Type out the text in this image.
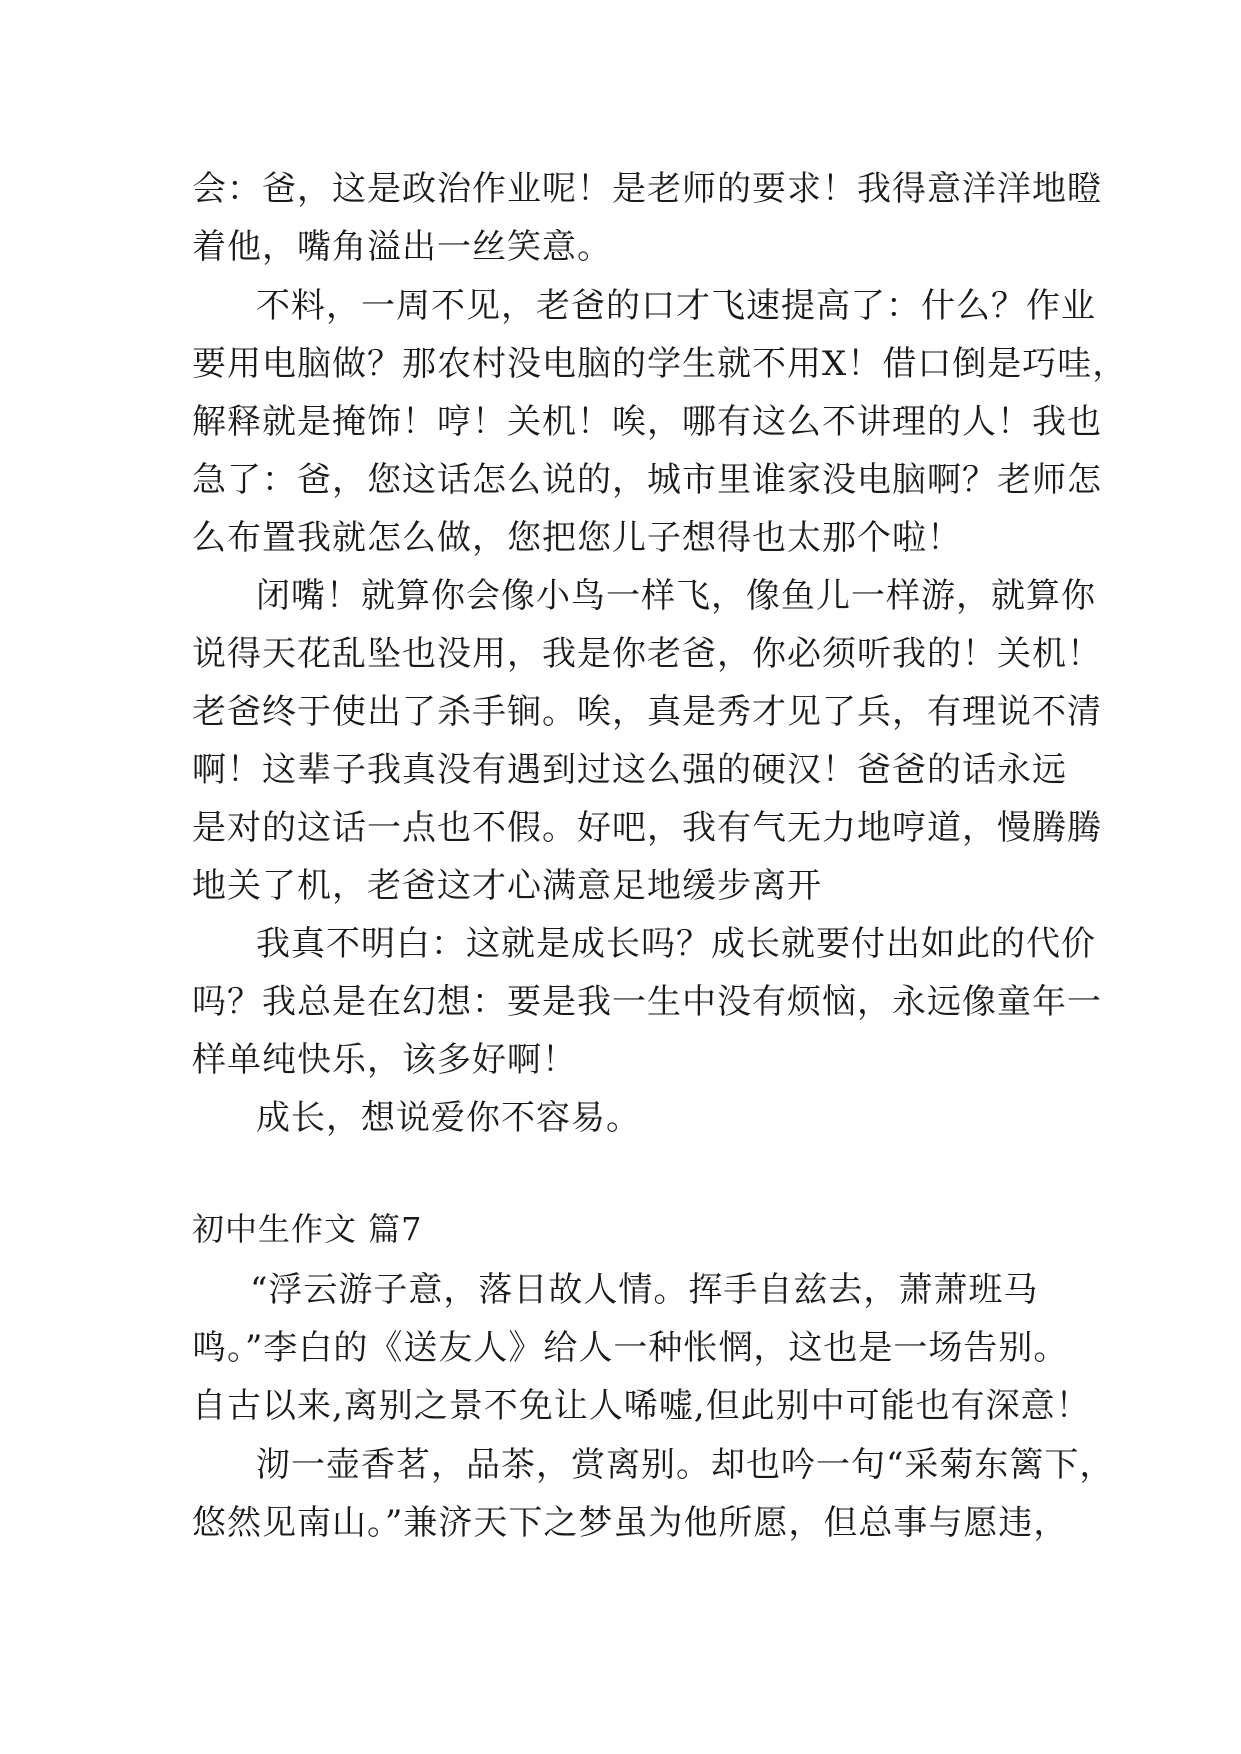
会：爸，这是政治作业呢！是老师的要求！我得意洋洋地瞪
着他，嘴角溢出一丝笑意。
不料，一周不见，老爸的口才飞速提高了：什么？作业
要用电脑做？那农村没电脑的学生就不用X！借口倒是巧哇，
解释就是掩饰！哼！关机！唉，哪有这么不讲理的人！我也
急了：爸，您这话怎么说的，城市里谁家没电脑啊？老师怎
么布置我就怎么做，您把您儿子想得也太那个啦！
闭嘴！就算你会像小鸟一样飞，像鱼儿一样游，就算你
说得天花乱坠也没用，我是你老爸，你必须听我的！关机！
老爸终于使出了杀手锏。唉，真是秀才见了兵，有理说不清
啊！这辈子我真没有遇到过这么强的硬汉！爸爸的话永远
是对的这话一点也不假。好吧，我有气无力地哼道，慢腾腾
地关了机，老爸这才心满意足地缓步离开
我真不明白：这就是成长吗？成长就要付出如此的代价
吗？我总是在幻想：要是我一生中没有烦恼，永远像童年一
样单纯快乐，该多好啊！
成长，想说爱你不容易。
初中生作文 篇7
“浮云游子意，落日故人情。挥手自兹去，萧萧班马
鸣。”李白的《送友人》给人一种怅惘，这也是一场告别。
自古以来,离别之景不免让人唏嘘,但此别中可能也有深意！
沏一壶香茗，品茶，赏离别。却也吟一句“采菊东篱下，
悠然见南山。”兼济天下之梦虽为他所愿，但总事与愿违，
